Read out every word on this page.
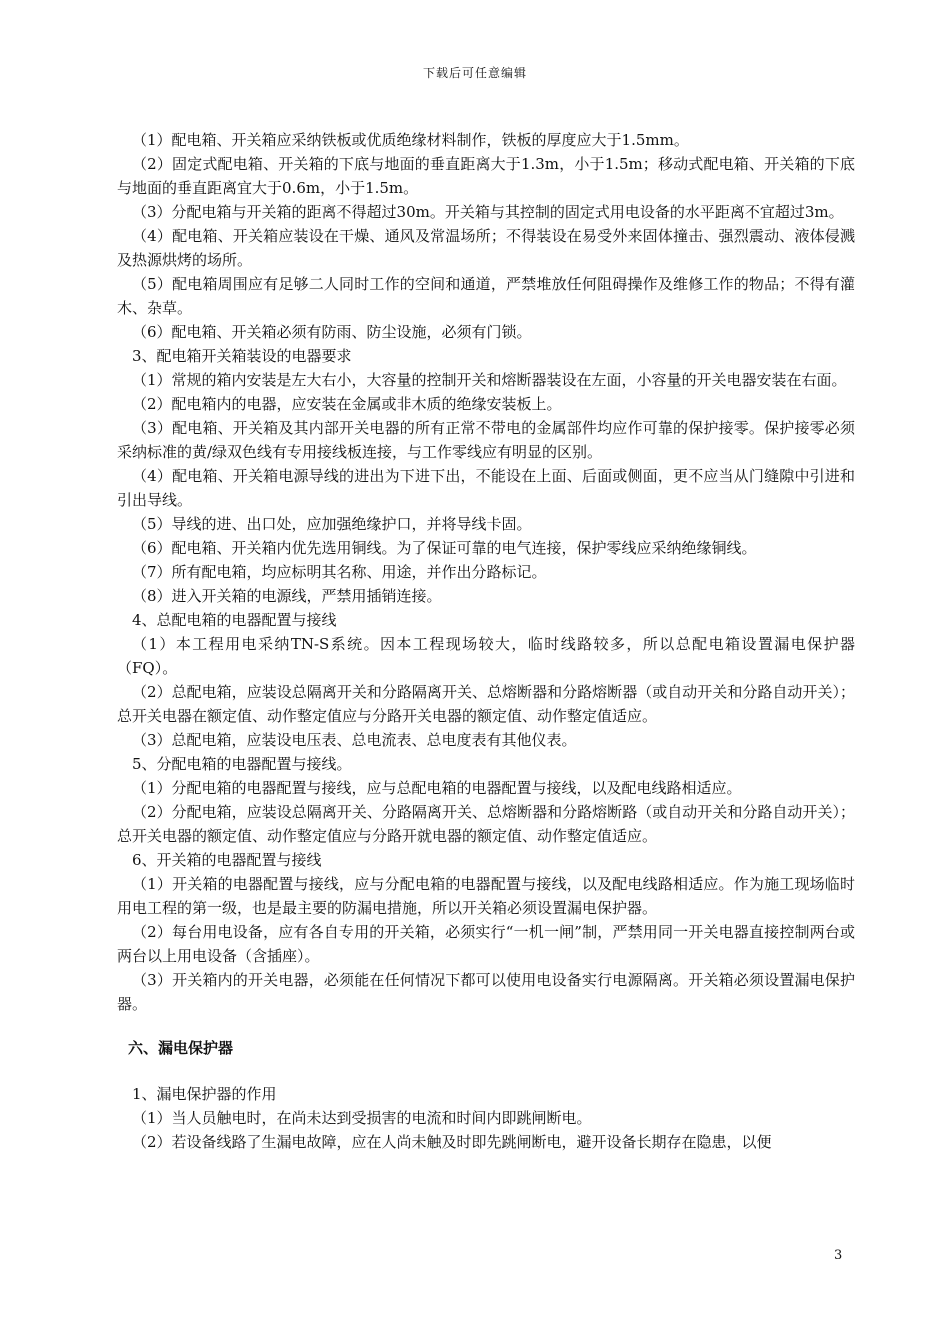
下载后可任意编辑

（1）配电箱、开关箱应采纳铁板或优质绝缘材料制作，铁板的厚度应大于1.5mm。

（2）固定式配电箱、开关箱的下底与地面的垂直距离大于1.3m，小于1.5m；移动式配电箱、开关箱的下底与地面的垂直距离宜大于0.6m，小于1.5m。

（3）分配电箱与开关箱的距离不得超过30m。开关箱与其控制的固定式用电设备的水平距离不宜超过3m。

（4）配电箱、开关箱应装设在干燥、通风及常温场所；不得装设在易受外来固体撞击、强烈震动、液体侵溅及热源烘烤的场所。

（5）配电箱周围应有足够二人同时工作的空间和通道，严禁堆放任何阻碍操作及维修工作的物品；不得有灌木、杂草。

（6）配电箱、开关箱必须有防雨、防尘设施，必须有门锁。

3、配电箱开关箱装设的电器要求

（1）常规的箱内安装是左大右小，大容量的控制开关和熔断器装设在左面，小容量的开关电器安装在右面。

（2）配电箱内的电器，应安装在金属或非木质的绝缘安装板上。

（3）配电箱、开关箱及其内部开关电器的所有正常不带电的金属部件均应作可靠的保护接零。保护接零必须采纳标准的黄/绿双色线有专用接线板连接，与工作零线应有明显的区别。

（4）配电箱、开关箱电源导线的进出为下进下出，不能设在上面、后面或侧面，更不应当从门缝隙中引进和引出导线。

（5）导线的进、出口处，应加强绝缘护口，并将导线卡固。

（6）配电箱、开关箱内优先选用铜线。为了保证可靠的电气连接，保护零线应采纳绝缘铜线。

（7）所有配电箱，均应标明其名称、用途，并作出分路标记。

（8）进入开关箱的电源线，严禁用插销连接。

4、总配电箱的电器配置与接线

（1）本工程用电采纳TN-S系统。因本工程现场较大，临时线路较多，所以总配电箱设置漏电保护器（FQ）。

（2）总配电箱，应装设总隔离开关和分路隔离开关、总熔断器和分路熔断器（或自动开关和分路自动开关）；总开关电器在额定值、动作整定值应与分路开关电器的额定值、动作整定值适应。

（3）总配电箱，应装设电压表、总电流表、总电度表有其他仪表。

5、分配电箱的电器配置与接线。

（1）分配电箱的电器配置与接线，应与总配电箱的电器配置与接线，以及配电线路相适应。

（2）分配电箱，应装设总隔离开关、分路隔离开关、总熔断器和分路熔断路（或自动开关和分路自动开关）；总开关电器的额定值、动作整定值应与分路开就电器的额定值、动作整定值适应。

6、开关箱的电器配置与接线

（1）开关箱的电器配置与接线，应与分配电箱的电器配置与接线，以及配电线路相适应。作为施工现场临时用电工程的第一级，也是最主要的防漏电措施，所以开关箱必须设置漏电保护器。

（2）每台用电设备，应有各自专用的开关箱，必须实行“一机一闸”制，严禁用同一开关电器直接控制两台或两台以上用电设备（含插座）。

（3）开关箱内的开关电器，必须能在任何情况下都可以使用电设备实行电源隔离。开关箱必须设置漏电保护器。

六、漏电保护器

1、漏电保护器的作用

（1）当人员触电时，在尚未达到受损害的电流和时间内即跳闸断电。

（2）若设备线路了生漏电故障，应在人尚未触及时即先跳闸断电，避开设备长期存在隐患，以便

3
